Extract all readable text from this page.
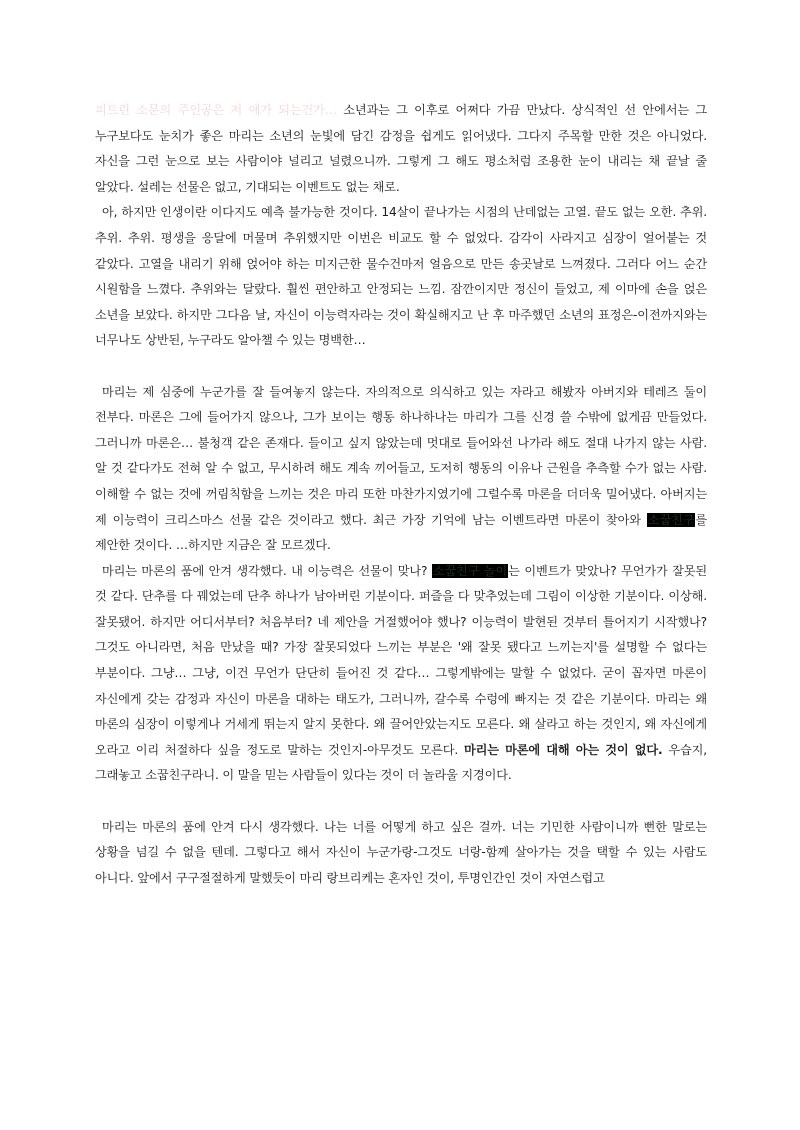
피트린 소문의 주인공은 저 애가 되는건가… 소년과는 그 이후로 어쩌다 가끔 만났다. 상식적인 선 안에서는 그 누구보다도 눈치가 좋은 마리는 소년의 눈빛에 담긴 감정을 쉽게도 읽어냈다. 그다지 주목할 만한 것은 아니었다. 자신을 그런 눈으로 보는 사람이야 널리고 널렸으니까. 그렇게 그 해도 평소처럼 조용한 눈이 내리는 채 끝날 줄 알았다. 설레는 선물은 없고, 기대되는 이벤트도 없는 채로.

아, 하지만 인생이란 이다지도 예측 불가능한 것이다. 14살이 끝나가는 시점의 난데없는 고열. 끝도 없는 오한. 추위. 추위. 추위. 평생을 응달에 머물며 추위했지만 이번은 비교도 할 수 없었다. 감각이 사라지고 심장이 얼어붙는 것 같았다. 고열을 내리기 위해 얹어야 하는 미지근한 물수건마저 얼음으로 만든 송곳날로 느껴졌다. 그러다 어느 순간 시원함을 느꼈다. 추위와는 달랐다. 훨씬 편안하고 안정되는 느낌. 잠깐이지만 정신이 들었고, 제 이마에 손을 얹은 소년을 보았다. 하지만 그다음 날, 자신이 이능력자라는 것이 확실해지고 난 후 마주했던 소년의 표정은-이전까지와는 너무나도 상반된, 누구라도 알아챌 수 있는 명백한…

마리는 제 심중에 누군가를 잘 들여놓지 않는다. 자의적으로 의식하고 있는 자라고 해봤자 아버지와 테레즈 둘이 전부다. 마론은 그에 들어가지 않으나, 그가 보이는 행동 하나하나는 마리가 그를 신경 쓸 수밖에 없게끔 만들었다. 그러니까 마론은… 불청객 같은 존재다. 들이고 싶지 않았는데 멋대로 들어와선 나가라 해도 절대 나가지 않는 사람. 알 것 같다가도 전혀 알 수 없고, 무시하려 해도 계속 끼어들고, 도저히 행동의 이유나 근원을 추측할 수가 없는 사람. 이해할 수 없는 것에 꺼림칙함을 느끼는 것은 마리 또한 마찬가지였기에 그럴수록 마론을 더더욱 밀어냈다. 아버지는 제 이능력이 크리스마스 선물 같은 것이라고 했다. 최근 가장 기억에 남는 이벤트라면 마론이 찾아와 소꿉친구를 제안한 것이다. …하지만 지금은 잘 모르겠다.

마리는 마론의 품에 안겨 생각했다. 내 이능력은 선물이 맞나? 소꿉친구 놀이는 이벤트가 맞았나? 무언가가 잘못된 것 같다. 단추를 다 꿰었는데 단추 하나가 남아버린 기분이다. 퍼즐을 다 맞추었는데 그림이 이상한 기분이다. 이상해. 잘못됐어. 하지만 어디서부터? 처음부터? 네 제안을 거절했어야 했나? 이능력이 발현된 것부터 틀어지기 시작했나? 그것도 아니라면, 처음 만났을 때? 가장 잘못되었다 느끼는 부분은 '왜 잘못 됐다고 느끼는지'를 설명할 수 없다는 부분이다. 그냥… 그냥, 이건 무언가 단단히 들어진 것 같다… 그렇게밖에는 말할 수 없었다. 굳이 꼽자면 마론이 자신에게 갖는 감정과 자신이 마론을 대하는 태도가, 그러니까, 갈수록 수렁에 빠지는 것 같은 기분이다. 마리는 왜 마론의 심장이 이렇게나 거세게 뛰는지 알지 못한다. 왜 끌어안았는지도 모른다. 왜 살라고 하는 것인지, 왜 자신에게 오라고 이리 처절하다 싶을 정도로 말하는 것인지-아무것도 모른다. 마리는 마론에 대해 아는 것이 없다. 우습지, 그래놓고 소꿉친구라니. 이 말을 믿는 사람들이 있다는 것이 더 놀라울 지경이다.

마리는 마론의 품에 안겨 다시 생각했다. 나는 너를 어떻게 하고 싶은 걸까. 너는 기민한 사람이니까 뻔한 말로는 상황을 넘길 수 없을 텐데. 그렇다고 해서 자신이 누군가랑-그것도 너랑-함께 살아가는 것을 택할 수 있는 사람도 아니다. 앞에서 구구절절하게 말했듯이 마리 랑브리케는 혼자인 것이, 투명인간인 것이 자연스럽고
